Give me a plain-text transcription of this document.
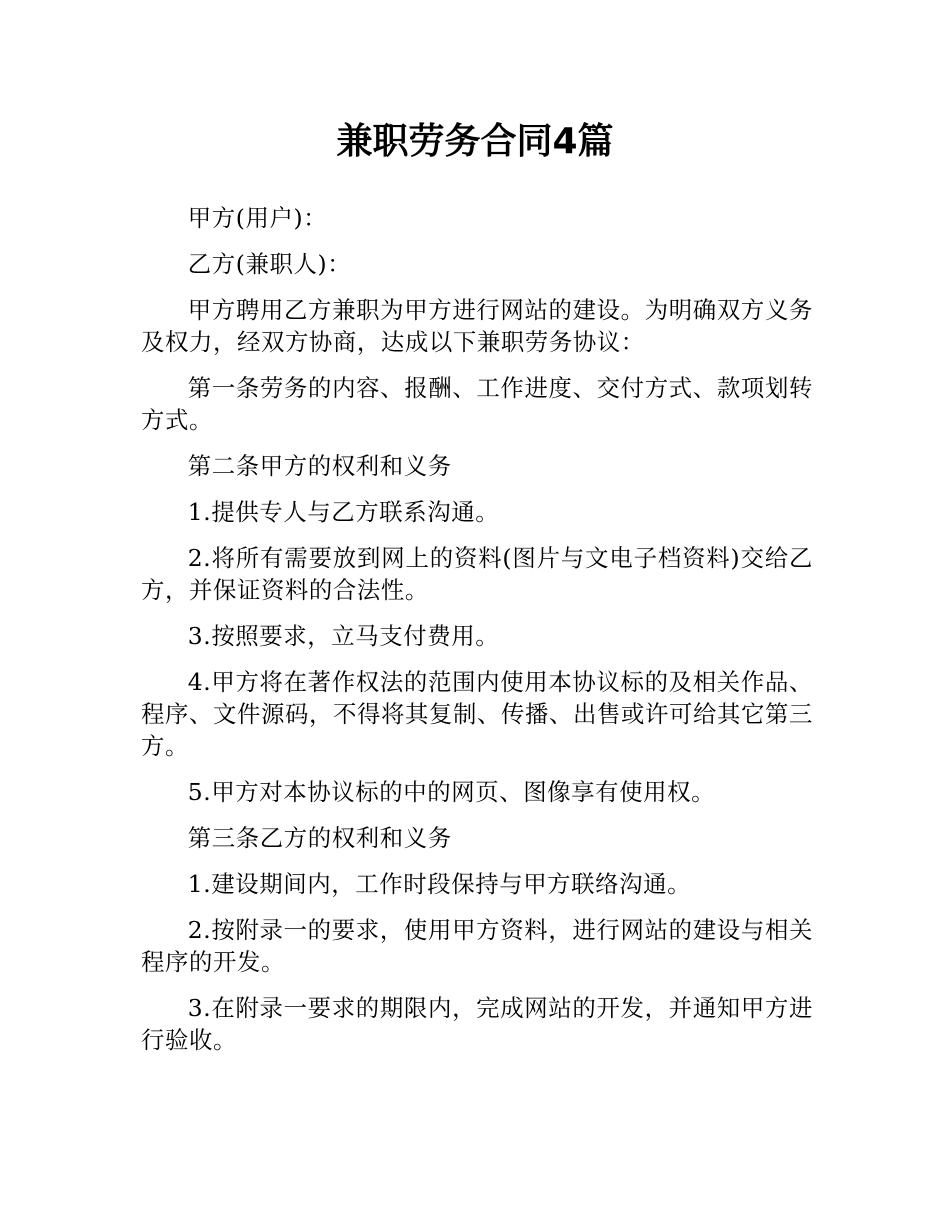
兼职劳务合同4篇

甲方(用户)：

乙方(兼职人)：

甲方聘用乙方兼职为甲方进行网站的建设。为明确双方义务及权力，经双方协商，达成以下兼职劳务协议：

第一条劳务的内容、报酬、工作进度、交付方式、款项划转方式。

第二条甲方的权利和义务

1.提供专人与乙方联系沟通。

2.将所有需要放到网上的资料(图片与文电子档资料)交给乙方，并保证资料的合法性。

3.按照要求，立马支付费用。

4.甲方将在著作权法的范围内使用本协议标的及相关作品、程序、文件源码，不得将其复制、传播、出售或许可给其它第三方。

5.甲方对本协议标的中的网页、图像享有使用权。

第三条乙方的权利和义务

1.建设期间内，工作时段保持与甲方联络沟通。

2.按附录一的要求，使用甲方资料，进行网站的建设与相关程序的开发。

3.在附录一要求的期限内，完成网站的开发，并通知甲方进行验收。
